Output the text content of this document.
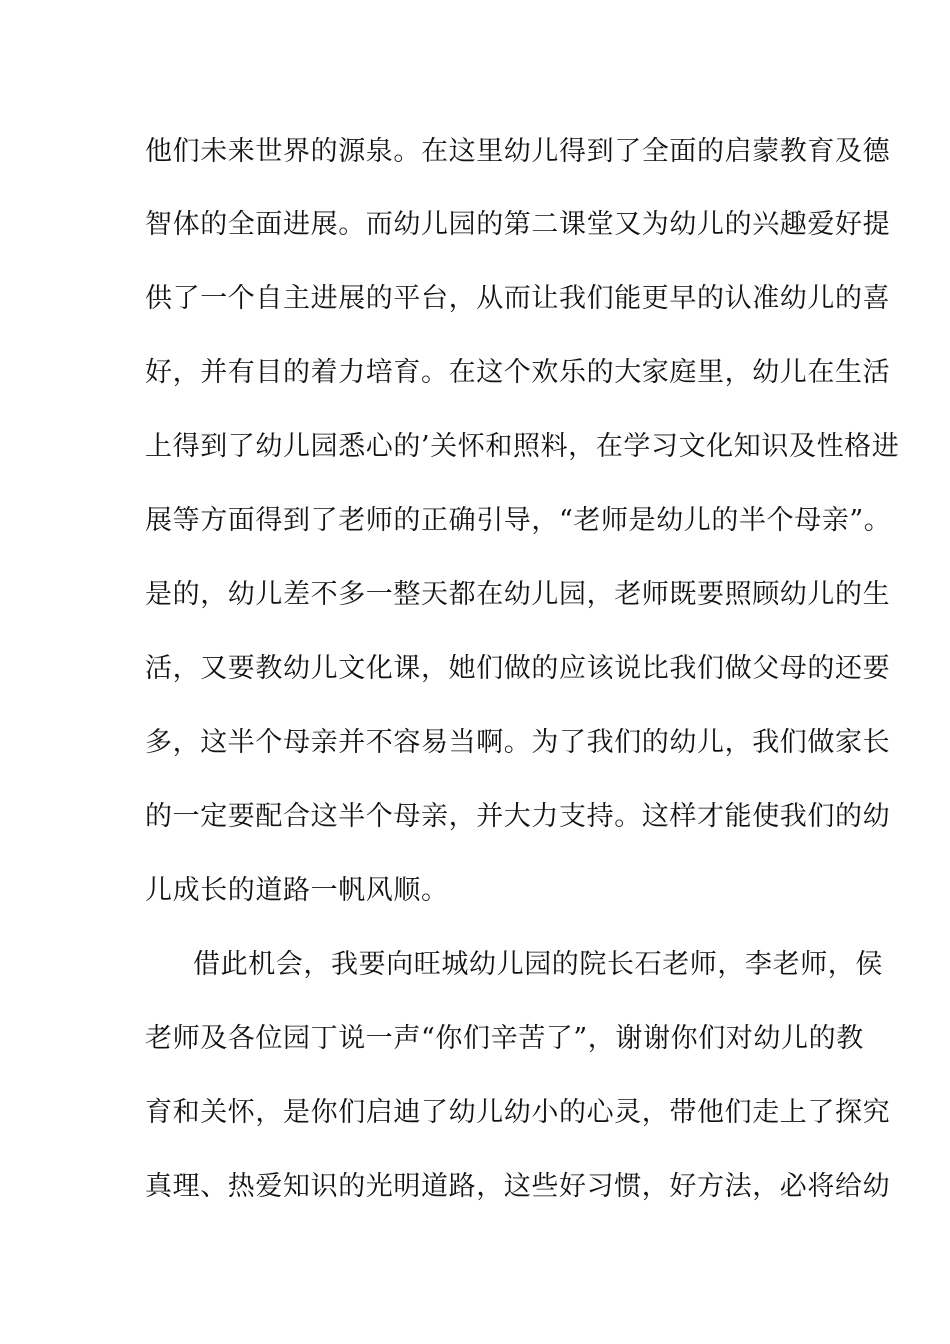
他们未来世界的源泉。在这里幼儿得到了全面的启蒙教育及德
智体的全面进展。而幼儿园的第二课堂又为幼儿的兴趣爱好提
供了一个自主进展的平台，从而让我们能更早的认准幼儿的喜
好，并有目的着力培育。在这个欢乐的大家庭里，幼儿在生活
上得到了幼儿园悉心的’关怀和照料，在学习文化知识及性格进
展等方面得到了老师的正确引导，“老师是幼儿的半个母亲”。
是的，幼儿差不多一整天都在幼儿园，老师既要照顾幼儿的生
活，又要教幼儿文化课，她们做的应该说比我们做父母的还要
多，这半个母亲并不容易当啊。为了我们的幼儿，我们做家长
的一定要配合这半个母亲，并大力支持。这样才能使我们的幼
儿成长的道路一帆风顺。
借此机会，我要向旺城幼儿园的院长石老师，李老师，侯
老师及各位园丁说一声“你们辛苦了”，谢谢你们对幼儿的教
育和关怀，是你们启迪了幼儿幼小的心灵，带他们走上了探究
真理、热爱知识的光明道路，这些好习惯，好方法，必将给幼
